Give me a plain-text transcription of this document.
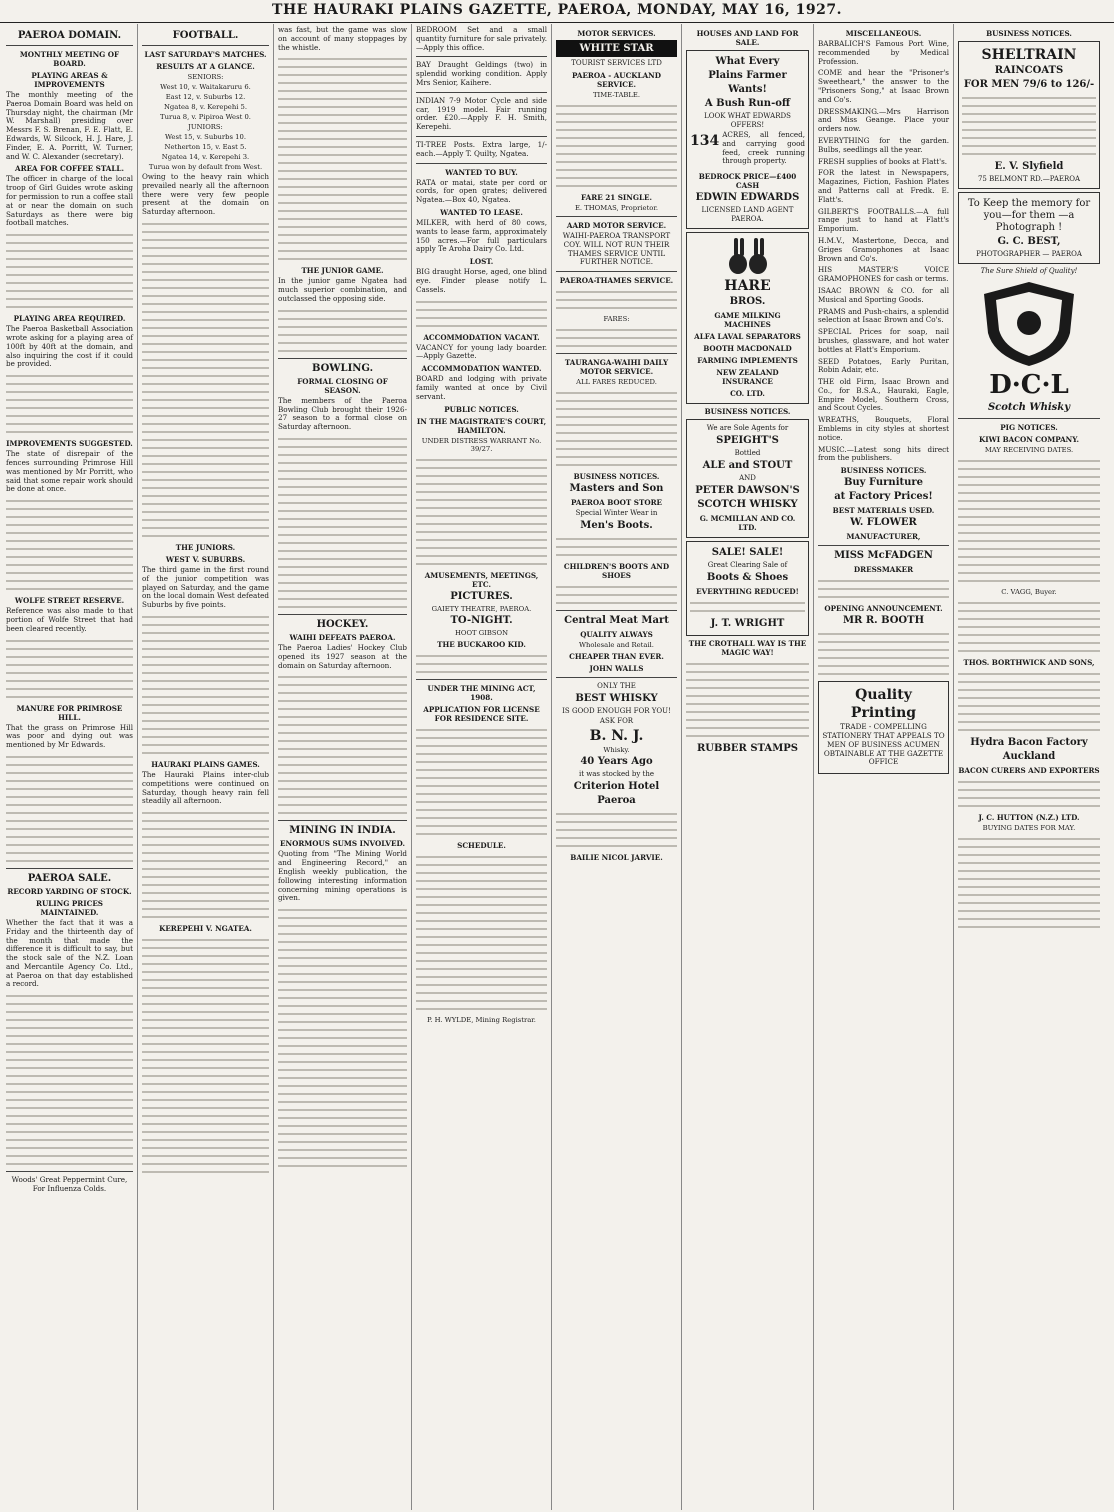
THE HAURAKI PLAINS GAZETTE, PAEROA, MONDAY, MAY 16, 1927.
PAEROA DOMAIN.
MONTHLY MEETING OF BOARD.
PLAYING AREAS & IMPROVEMENTS

The monthly meeting of the Paeroa Domain Board was held on Thursday night, the chairman (Mr W. Marshall) presiding over Messrs F. S. Brenan, F. E. Flatt, E. Edwards, W. Silcock, H. J. Hare, J. Finder, E. A. Porritt, W. Turner, and W. C. Alexander (secretary).

AREA FOR COFFEE STALL.

The officer in charge of the local troop of Girl Guides wrote asking for permission to run a coffee stall at or near the domain on such Saturdays as there were big football matches.

PLAYING AREA REQUIRED.

The Paeroa Basketball Association wrote asking for a playing area of 100ft by 40ft at the domain, and also inquiring the cost if it could be provided.

IMPROVEMENTS SUGGESTED.

The state of disrepair of the fences surrounding Primrose Hill was mentioned by Mr Porritt, who said that some repair work should be done at once.

WOLFE STREET RESERVE.

Reference was also made to that portion of Wolfe Street that had been cleared recently.

MANURE FOR PRIMROSE HILL.

That the grass on Primrose Hill was poor and dying out was mentioned by Mr Edwards.

PAEROA SALE.
RECORD YARDING OF STOCK.
RULING PRICES MAINTAINED.

Whether the fact that it was a Friday and the thirteenth day of the month that made the difference it is difficult to say, but the stock sale of the N.Z. Loan and Mercantile Agency Co. Ltd., at Paeroa on that day established a record.

Woods' Great Peppermint Cure, For Influenza Colds.

FOOTBALL.
LAST SATURDAY'S MATCHES.
RESULTS AT A GLANCE.
SENIORS:
West 10, v. Waitakaruru 6.
East 12, v. Suburbs 12.
Ngatea 8, v. Kerepehi 5.
Turua 8, v. Pipiroa West 0.
JUNIORS:
West 15, v. Suburbs 10.
Netherton 15, v. East 5.
Ngatea 14, v. Kerepehi 3.
Turua won by default from West.

Owing to the heavy rain which prevailed nearly all the afternoon there were very few people present at the domain on Saturday afternoon.

THE JUNIORS.
WEST V. SUBURBS.

The third game in the first round of the junior competition was played on Saturday, and the game on the local domain West defeated Suburbs by five points.

HAURAKI PLAINS GAMES.

The Hauraki Plains inter-club competitions were continued on Saturday, though heavy rain fell steadily all afternoon.

KEREPEHI V. NGATEA.

was fast, but the game was slow on account of many stoppages by the whistle.

THE JUNIOR GAME.

In the junior game Ngatea had much superior combination, and outclassed the opposing side.

BOWLING.
FORMAL CLOSING OF SEASON.

The members of the Paeroa Bowling Club brought their 1926-27 season to a formal close on Saturday afternoon.

HOCKEY.
WAIHI DEFEATS PAEROA.

The Paeroa Ladies' Hockey Club opened its 1927 season at the domain on Saturday afternoon.

MINING IN INDIA.
ENORMOUS SUMS INVOLVED.

Quoting from "The Mining World and Engineering Record," an English weekly publication, the following interesting information concerning mining operations is given.

BEDROOM Set and a small quantity furniture for sale privately.—Apply this office.

BAY Draught Geldings (two) in splendid working condition. Apply Mrs Senior, Kaihere.

INDIAN 7-9 Motor Cycle and side car, 1919 model. Fair running order. £20.—Apply F. H. Smith, Kerepehi.

TI-TREE Posts. Extra large, 1/- each.—Apply T. Quilty, Ngatea.

WANTED TO BUY.

RATA or matai, state per cord or cords, for open grates; delivered Ngatea.—Box 40, Ngatea.

WANTED TO LEASE.

MILKER, with herd of 80 cows, wants to lease farm, approximately 150 acres.—For full particulars apply Te Aroha Dairy Co. Ltd.

LOST.

BIG draught Horse, aged, one blind eye. Finder please notify L. Cassels.

ACCOMMODATION VACANT.

VACANCY for young lady boarder.—Apply Gazette.

ACCOMMODATION WANTED.

BOARD and lodging with private family wanted at once by Civil servant.

PUBLIC NOTICES.
IN THE MAGISTRATE'S COURT, HAMILTON.
UNDER DISTRESS WARRANT No. 39/27.
AMUSEMENTS, MEETINGS, ETC.
PICTURES.
GAIETY THEATRE, PAEROA.
TO-NIGHT.
HOOT GIBSON
THE BUCKAROO KID.
UNDER THE MINING ACT, 1908.
APPLICATION FOR LICENSE FOR RESIDENCE SITE.
SCHEDULE.
P. H. WYLDE, Mining Registrar.
MOTOR SERVICES.
WHITE STAR
TOURIST SERVICES LTD
PAEROA - AUCKLAND SERVICE.
TIME-TABLE.
FARE 21 SINGLE.
E. THOMAS, Proprietor.
AARD MOTOR SERVICE.

WAIHI-PAEROA TRANSPORT COY. WILL NOT RUN THEIR THAMES SERVICE UNTIL FURTHER NOTICE.

PAEROA-THAMES SERVICE.
FARES:
TAURANGA-WAIHI DAILY MOTOR SERVICE.
ALL FARES REDUCED.
BUSINESS NOTICES.
Masters and Son
PAEROA BOOT STORE
Special Winter Wear in
Men's Boots.
CHILDREN'S BOOTS AND SHOES
Central Meat Mart
QUALITY ALWAYS
Wholesale and Retail.
CHEAPER THAN EVER.
JOHN WALLS
ONLY THE
BEST WHISKY
IS GOOD ENOUGH FOR YOU!
ASK FOR
B. N. J.
Whisky.
40 Years Ago
it was stocked by the
Criterion Hotel
Paeroa
BAILIE NICOL JARVIE.
HOUSES AND LAND FOR SALE.
What Every
Plains Farmer
Wants!
A Bush Run-off
LOOK WHAT EDWARDS OFFERS!
134 ACRES, all fenced, and carrying good feed, creek running through property.

BEDROCK PRICE—£400 CASH
EDWIN EDWARDS
LICENSED LAND AGENT PAEROA.
HARE
BROS.
GAME MILKING MACHINES
ALFA LAVAL SEPARATORS
BOOTH MACDONALD
FARMING IMPLEMENTS
NEW ZEALAND INSURANCE
CO. LTD.
BUSINESS NOTICES.
We are Sole Agents for
SPEIGHT'S
Bottled
ALE and STOUT
AND
PETER DAWSON'S
SCOTCH WHISKY
G. MCMILLAN AND CO. LTD.
SALE! SALE!
Great Clearing Sale of
Boots & Shoes
EVERYTHING REDUCED!
J. T. WRIGHT
THE CROTHALL WAY IS THE MAGIC WAY!
RUBBER STAMPS
MISCELLANEOUS.

BARBALICH'S Famous Port Wine, recommended by Medical Profession.

COME and hear the "Prisoner's Sweetheart," the answer to the "Prisoners Song," at Isaac Brown and Co's.

DRESSMAKING.—Mrs Harrison and Miss Geange. Place your orders now.

EVERYTHING for the garden. Bulbs, seedlings all the year.

FRESH supplies of books at Flatt's.

FOR the latest in Newspapers, Magazines, Fiction, Fashion Plates and Patterns call at Fredk. E. Flatt's.

GILBERT'S FOOTBALLS.—A full range just to hand at Flatt's Emporium.

H.M.V., Mastertone, Decca, and Griges Gramophones at Isaac Brown and Co's.

HIS MASTER'S VOICE GRAMOPHONES for cash or terms.

ISAAC BROWN & CO. for all Musical and Sporting Goods.

PRAMS and Push-chairs, a splendid selection at Isaac Brown and Co's.

SPECIAL Prices for soap, nail brushes, glassware, and hot water bottles at Flatt's Emporium.

SEED Potatoes, Early Puritan, Robin Adair, etc.

THE old Firm, Isaac Brown and Co., for B.S.A., Hauraki, Eagle, Empire Model, Southern Cross, and Scout Cycles.

WREATHS, Bouquets, Floral Emblems in city styles at shortest notice.

MUSIC.—Latest song hits direct from the publishers.

BUSINESS NOTICES.
Buy Furniture
at Factory Prices!
BEST MATERIALS USED.
W. FLOWER
MANUFACTURER,
MISS McFADGEN
DRESSMAKER
OPENING ANNOUNCEMENT.
MR R. BOOTH
Quality
Printing

TRADE - COMPELLING STATIONERY THAT APPEALS TO MEN OF BUSINESS ACUMEN OBTAINABLE AT THE GAZETTE OFFICE

BUSINESS NOTICES.
SHELTRAIN
RAINCOATS
FOR MEN 79/6 to 126/-
E. V. Slyfield
75 BELMONT RD.—PAEROA

To Keep the memory for you—for them —a Photograph !

G. C. BEST,
PHOTOGRAPHER — PAEROA
The Sure Shield of Quality!
D·C·L
Scotch Whisky
PIG NOTICES.
KIWI BACON COMPANY.
MAY RECEIVING DATES.
C. VAGG, Buyer.
THOS. BORTHWICK AND SONS,
Hydra Bacon Factory
Auckland
BACON CURERS AND EXPORTERS
J. C. HUTTON (N.Z.) LTD.
BUYING DATES FOR MAY.
